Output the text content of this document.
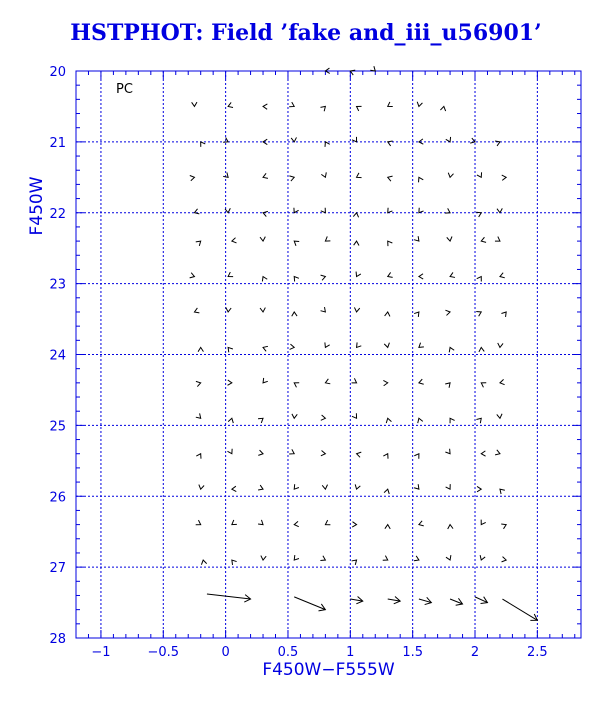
HSTPHOT: Field ’fake and_iii_u56901’
−1	−0.5	0	0.5	1	1.5	2	2.5
20
21
22
23
24
25
26
27
28
F450W−F555W
F450W
PC
